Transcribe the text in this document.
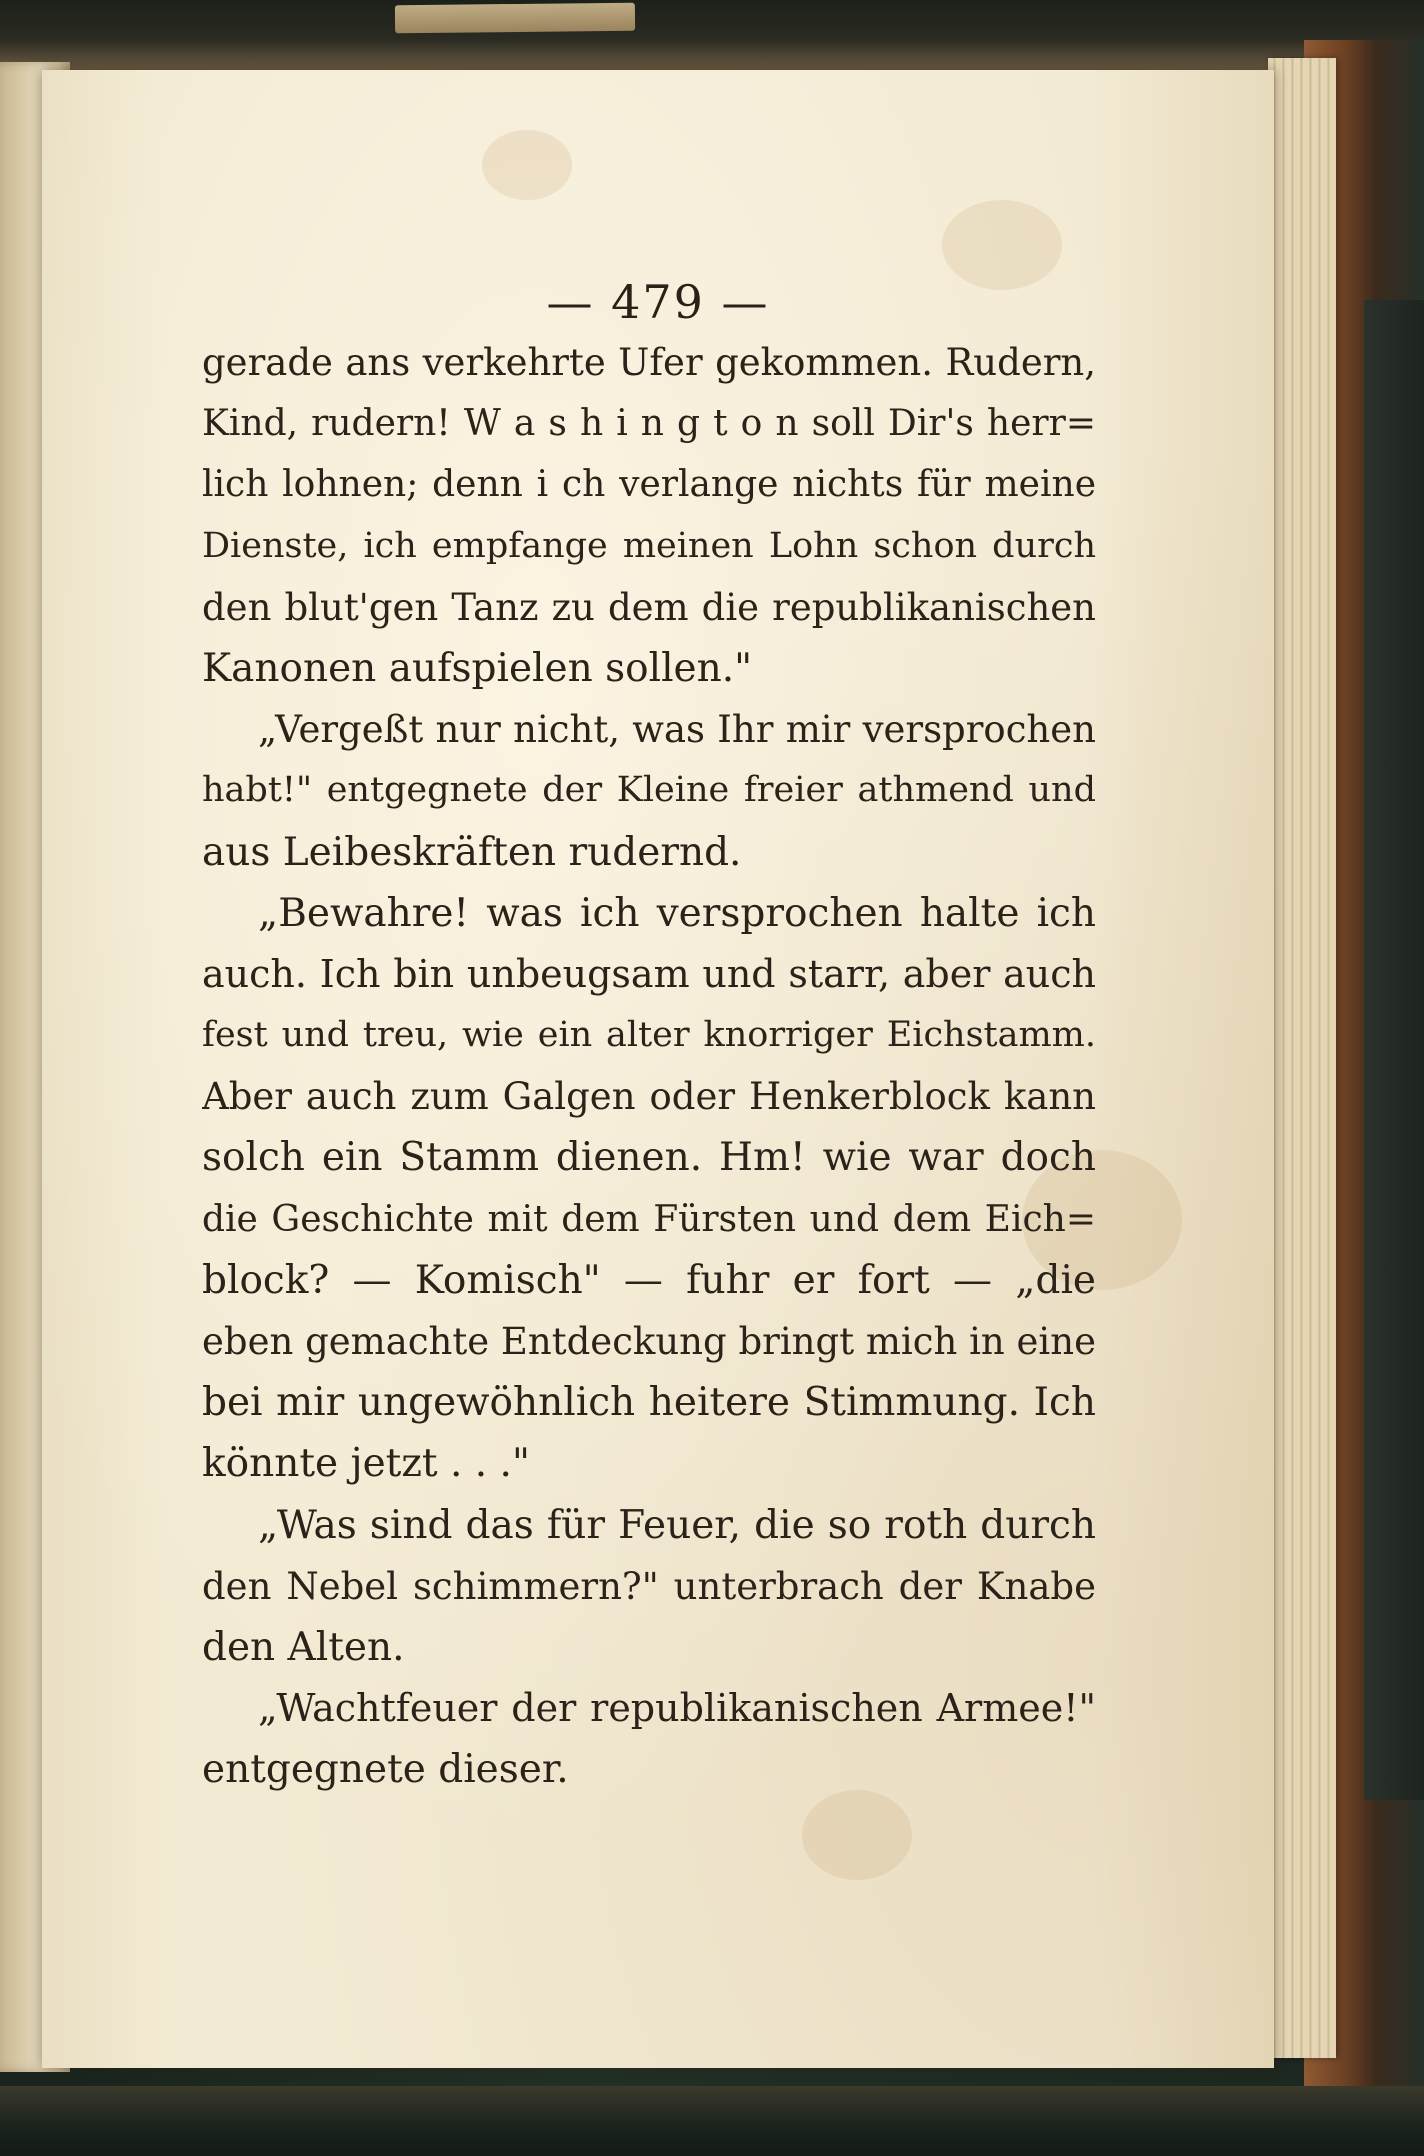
— 479 —
gerade ans verkehrte Ufer gekommen. Rudern,
Kind, rudern! W a s h i n g t o n soll Dir's herr=
lich lohnen; denn i ch verlange nichts für meine
Dienste, ich empfange meinen Lohn schon durch
den blut'gen Tanz zu dem die republikanischen
Kanonen aufspielen sollen."
„Vergeßt nur nicht, was Ihr mir versprochen
habt!" entgegnete der Kleine freier athmend und
aus Leibeskräften rudernd.
„Bewahre! was ich versprochen halte ich
auch. Ich bin unbeugsam und starr, aber auch
fest und treu, wie ein alter knorriger Eichstamm.
Aber auch zum Galgen oder Henkerblock kann
solch ein Stamm dienen. Hm! wie war doch
die Geschichte mit dem Fürsten und dem Eich=
block? — Komisch" — fuhr er fort — „die
eben gemachte Entdeckung bringt mich in eine
bei mir ungewöhnlich heitere Stimmung. Ich
könnte jetzt . . ."
„Was sind das für Feuer, die so roth durch
den Nebel schimmern?" unterbrach der Knabe
den Alten.
„Wachtfeuer der republikanischen Armee!"
entgegnete dieser.
